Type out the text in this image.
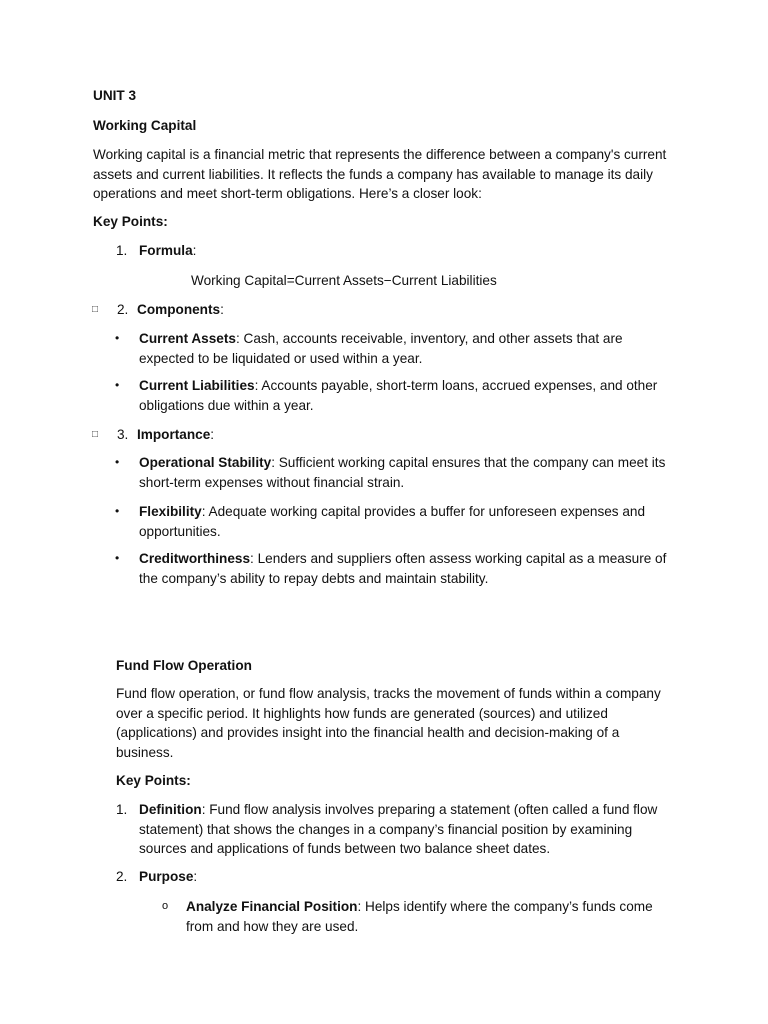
UNIT 3
Working Capital
Working capital is a financial metric that represents the difference between a company's current assets and current liabilities. It reflects the funds a company has available to manage its daily operations and meet short-term obligations. Here’s a closer look:
Key Points:
1. Formula:
Working Capital=Current Assets−Current Liabilities
□ 2. Components:
• Current Assets: Cash, accounts receivable, inventory, and other assets that are expected to be liquidated or used within a year.
• Current Liabilities: Accounts payable, short-term loans, accrued expenses, and other obligations due within a year.
□ 3. Importance:
• Operational Stability: Sufficient working capital ensures that the company can meet its short-term expenses without financial strain.
• Flexibility: Adequate working capital provides a buffer for unforeseen expenses and opportunities.
• Creditworthiness: Lenders and suppliers often assess working capital as a measure of the company’s ability to repay debts and maintain stability.
Fund Flow Operation
Fund flow operation, or fund flow analysis, tracks the movement of funds within a company over a specific period. It highlights how funds are generated (sources) and utilized (applications) and provides insight into the financial health and decision-making of a business.
Key Points:
1. Definition: Fund flow analysis involves preparing a statement (often called a fund flow statement) that shows the changes in a company’s financial position by examining sources and applications of funds between two balance sheet dates.
2. Purpose:
o Analyze Financial Position: Helps identify where the company’s funds come from and how they are used.
